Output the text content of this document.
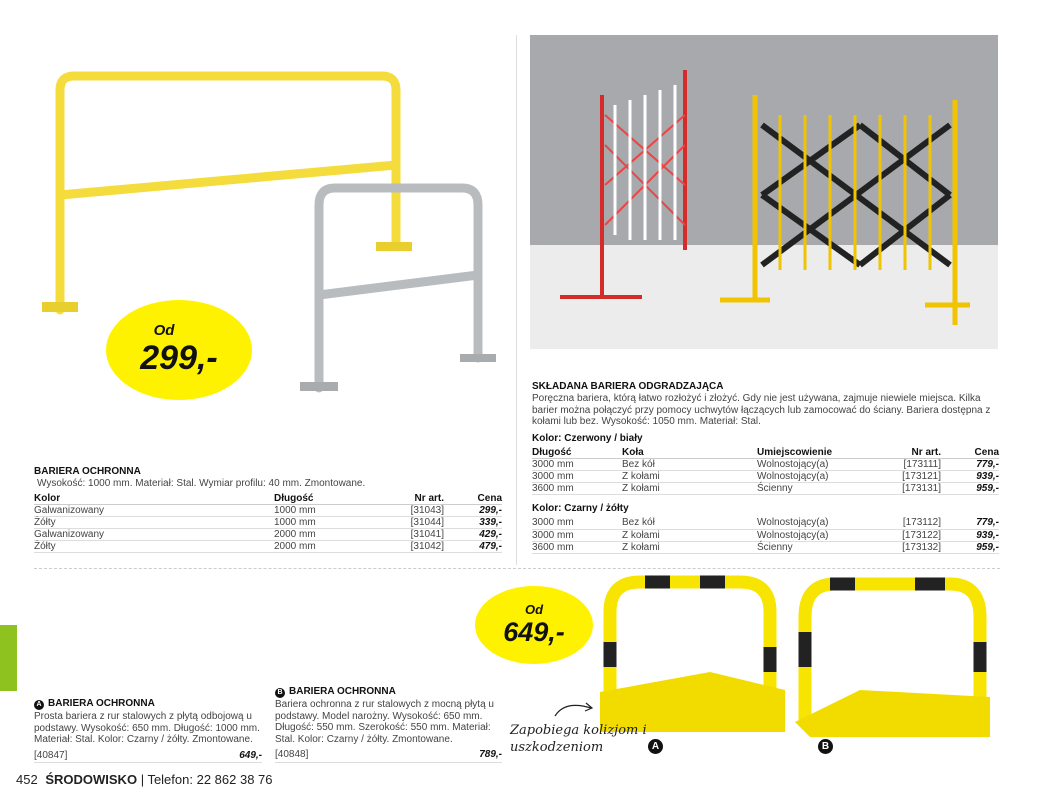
Od
299,-
BARIERA OCHRONNA
Wysokość: 1000 mm. Materiał: Stal. Wymiar profilu: 40 mm. Zmontowane.
Kolor	Długość	Nr art.	Cena
Galwanizowany	1000 mm	[31043]	299,-
Żółty	1000 mm	[31044]	339,-
Galwanizowany	2000 mm	[31041]	429,-
Żółty	2000 mm	[31042]	479,-
SKŁADANA BARIERA ODGRADZAJĄCA
Poręczna bariera, którą łatwo rozłożyć i złożyć. Gdy nie jest używana, zajmuje niewiele miejsca. Kilka barier można połączyć przy pomocy uchwytów łączących lub zamocować do ściany. Bariera dostępna z kołami lub bez. Wysokość: 1050 mm. Materiał: Stal.
Kolor: Czerwony / biały
Długość	Koła	Umiejscowienie	Nr art.	Cena
3000 mm	Bez kół	Wolnostojący(a)	[173111]	779,-
3000 mm	Z kołami	Wolnostojący(a)	[173121]	939,-
3600 mm	Z kołami	Ścienny	[173131]	959,-
Kolor: Czarny / żółty
3000 mm	Bez kół	Wolnostojący(a)	[173112]	779,-
3000 mm	Z kołami	Wolnostojący(a)	[173122]	939,-
3600 mm	Z kołami	Ścienny	[173132]	959,-
Od
649,-
A	B
Zapobiega kolizjom i
uszkodzeniom
A BARIERA OCHRONNA
Prosta bariera z rur stalowych z płytą odbojową u podstawy. Wysokość: 650 mm. Długość: 1000 mm. Materiał: Stal. Kolor: Czarny / żółty. Zmontowane.
[40847]	649,-
B BARIERA OCHRONNA
Bariera ochronna z rur stalowych z mocną płytą u podstawy. Model narożny. Wysokość: 650 mm. Długość: 550 mm. Szerokość: 550 mm. Materiał: Stal. Kolor: Czarny / żółty. Zmontowane.
[40848]	789,-
452 ŚRODOWISKO | Telefon: 22 862 38 76
